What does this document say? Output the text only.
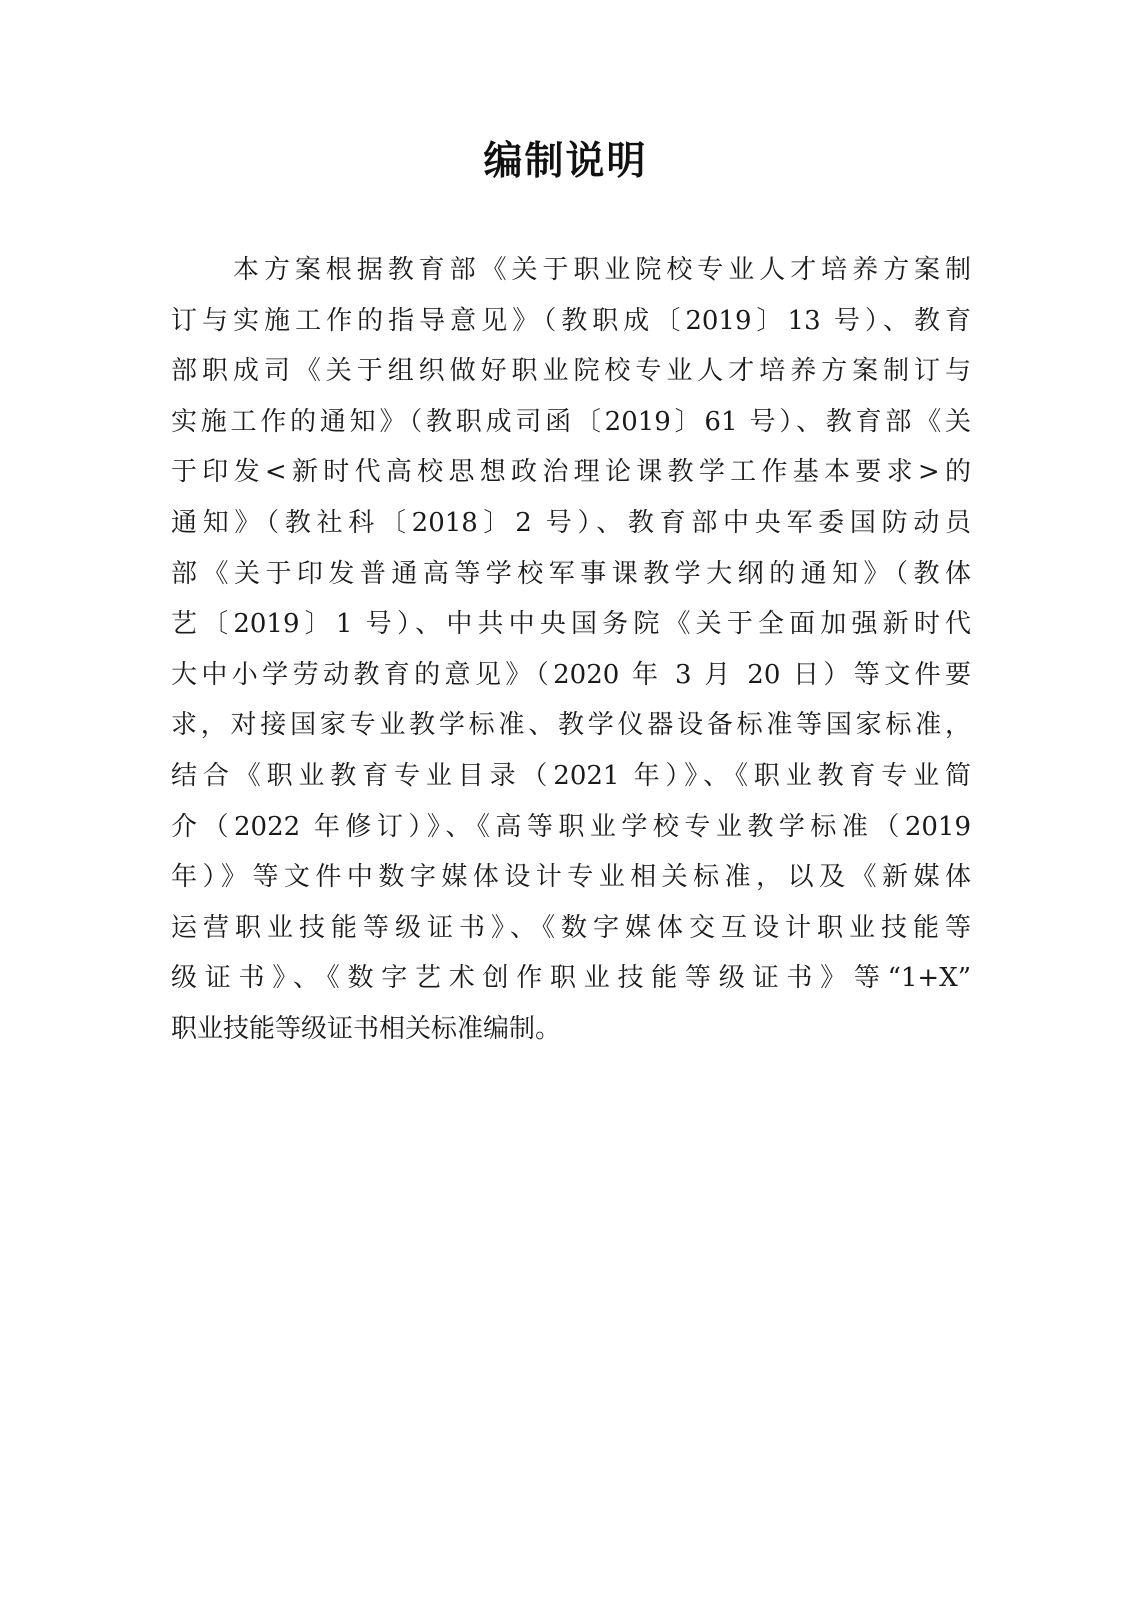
编制说明
　　本方案根据教育部《关于职业院校专业人才培养方案制
订与实施工作的指导意见》（教职成〔2019〕13 号）、教育
部职成司《关于组织做好职业院校专业人才培养方案制订与
实施工作的通知》（教职成司函〔2019〕61 号）、教育部《关
于印发<新时代高校思想政治理论课教学工作基本要求>的
通知》（教社科〔2018〕2 号）、教育部中央军委国防动员
部《关于印发普通高等学校军事课教学大纲的通知》（教体
艺〔2019〕1 号）、中共中央国务院《关于全面加强新时代
大中小学劳动教育的意见》（2020 年 3 月 20 日）等文件要
求，对接国家专业教学标准、教学仪器设备标准等国家标准，
结合《职业教育专业目录（2021 年）》、《职业教育专业简
介（2022 年修订）》、《高等职业学校专业教学标准（2019
年）》等文件中数字媒体设计专业相关标准，以及《新媒体
运营职业技能等级证书》、《数字媒体交互设计职业技能等
级证书》、《数字艺术创作职业技能等级证书》等“1+X”
职业技能等级证书相关标准编制。
